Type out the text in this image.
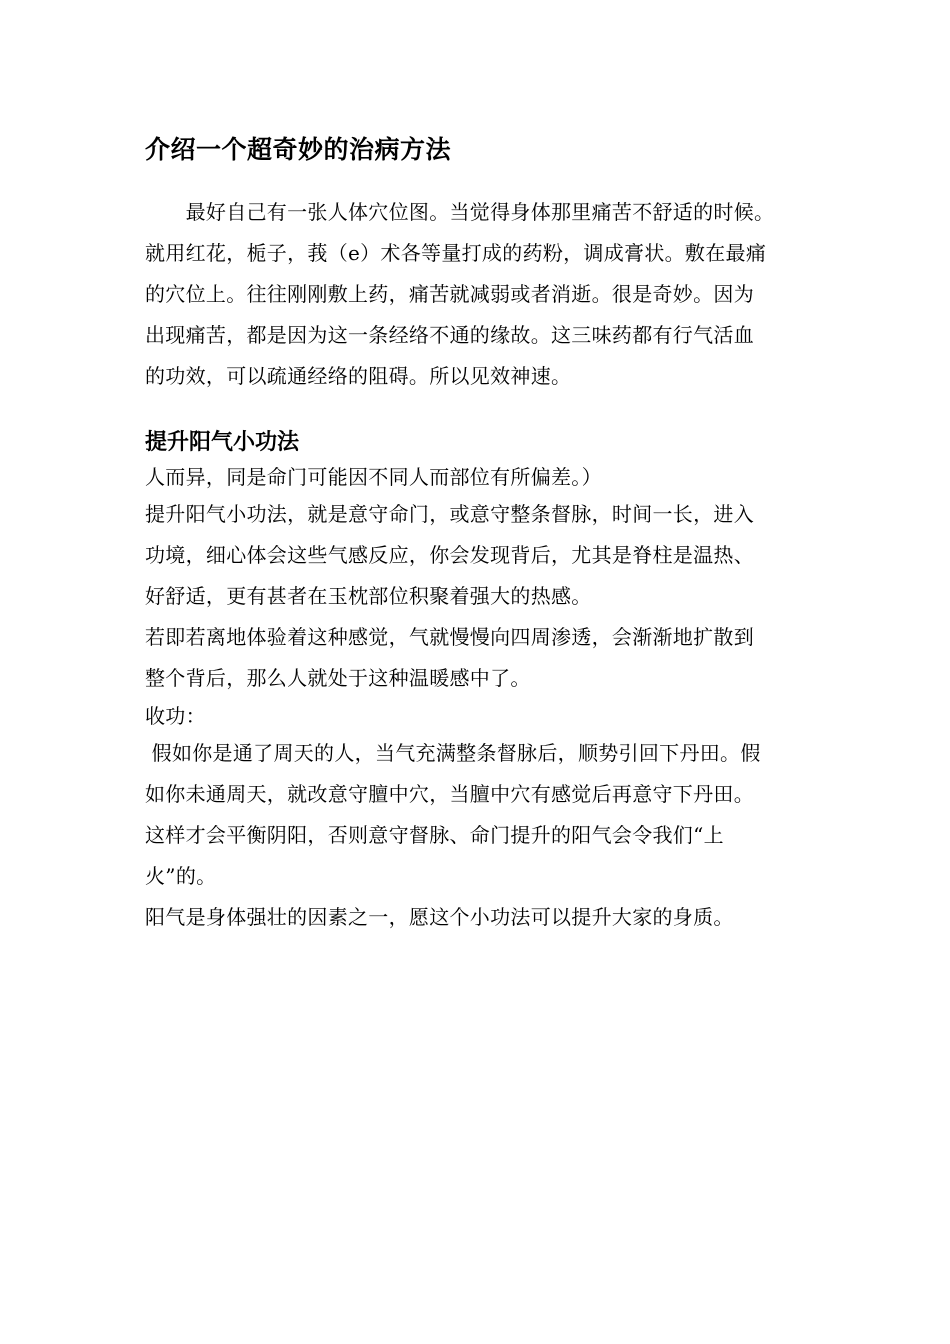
介绍一个超奇妙的治病方法

　　最好自己有一张人体穴位图。当觉得身体那里痛苦不舒适的时候。

就用红花，栀子，莪（e）术各等量打成的药粉，调成膏状。敷在最痛

的穴位上。往往刚刚敷上药，痛苦就减弱或者消逝。很是奇妙。因为

出现痛苦，都是因为这一条经络不通的缘故。这三味药都有行气活血

的功效，可以疏通经络的阻碍。所以见效神速。

提升阳气小功法

人而异，同是命门可能因不同人而部位有所偏差。）

提升阳气小功法，就是意守命门，或意守整条督脉，时间一长，进入

功境，细心体会这些气感反应，你会发现背后，尤其是脊柱是温热、

好舒适，更有甚者在玉枕部位积聚着强大的热感。

若即若离地体验着这种感觉，气就慢慢向四周渗透，会渐渐地扩散到

整个背后，那么人就处于这种温暖感中了。

收功：

假如你是通了周天的人，当气充满整条督脉后，顺势引回下丹田。假

如你未通周天，就改意守膻中穴，当膻中穴有感觉后再意守下丹田。

这样才会平衡阴阳，否则意守督脉、命门提升的阳气会令我们“上

火”的。

阳气是身体强壮的因素之一，愿这个小功法可以提升大家的身质。
